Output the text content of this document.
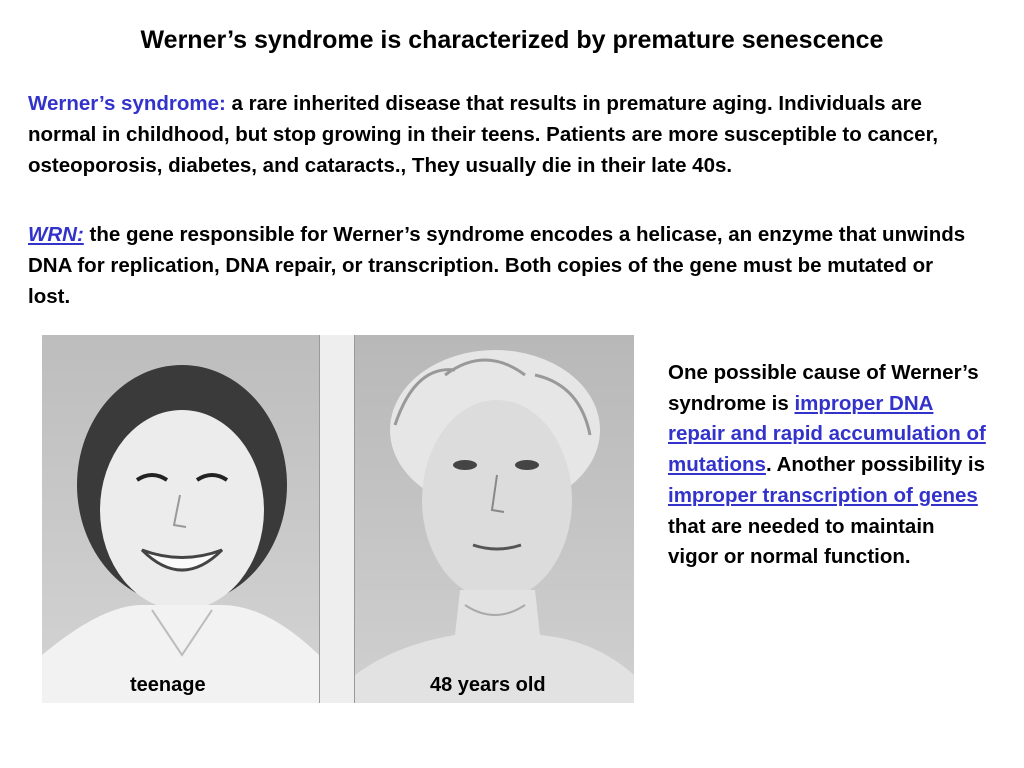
Werner’s syndrome is characterized by premature senescence
Werner’s syndrome: a rare inherited disease that results in premature aging. Individuals are normal in childhood, but stop growing in their teens. Patients are more susceptible to cancer, osteoporosis, diabetes, and cataracts., They usually die in their late 40s.
WRN: the gene responsible for Werner’s syndrome encodes a helicase, an enzyme that unwinds DNA for replication, DNA repair, or transcription. Both copies of the gene must be mutated or lost.
teenage	48 years old
One possible cause of Werner’s syndrome is improper DNA repair and rapid accumulation of mutations. Another possibility is improper transcription of genes that are needed to maintain vigor or normal function.
